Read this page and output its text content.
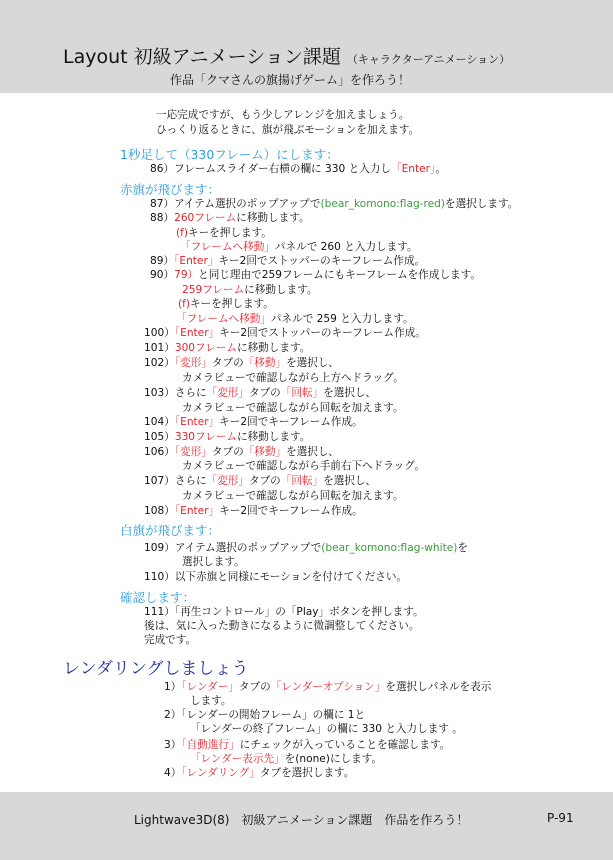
Layout 初級アニメーション課題 （キャラクターアニメーション）
作品「クマさんの旗揚げゲーム」を作ろう！
一応完成ですが、もう少しアレンジを加えましょう。
ひっくり返るときに、旗が飛ぶモーションを加えます。
1秒足して（330フレーム）にします：
86）フレームスライダー右横の欄に 330 と入力し「Enter」。
赤旗が飛びます：
87）アイテム選択のポップアップで(bear_komono:flag-red)を選択します。
88）260フレームに移動します。
(f)キーを押します。
「フレームへ移動」パネルで 260 と入力します。
89）「Enter」キー2回でストッパーのキーフレーム作成。
90）79）と同じ理由で259フレームにもキーフレームを作成します。
259フレームに移動します。
(f)キーを押します。
「フレームへ移動」パネルで 259 と入力します。
100）「Enter」キー2回でストッパーのキーフレーム作成。
101）300フレームに移動します。
102）「変形」タブの「移動」を選択し、
カメラビューで確認しながら上方へドラッグ。
103）さらに「変形」タブの「回転」を選択し、
カメラビューで確認しながら回転を加えます。
104）「Enter」キー2回でキーフレーム作成。
105）330フレームに移動します。
106）「変形」タブの「移動」を選択し、
カメラビューで確認しながら手前右下へドラッグ。
107）さらに「変形」タブの「回転」を選択し、
カメラビューで確認しながら回転を加えます。
108）「Enter」キー2回でキーフレーム作成。
白旗が飛びます：
109）アイテム選択のポップアップで(bear_komono:flag-white)を
選択します。
110）以下赤旗と同様にモーションを付けてください。
確認します：
111）「再生コントロール」の「Play」ボタンを押します。
後は、気に入った動きになるように微調整してください。
完成です。
レンダリングしましょう
1）「レンダー」タブの「レンダーオプション」を選択しパネルを表示
します。
2）「レンダーの開始フレーム」の欄に 1と
「レンダーの終了フレーム」の欄に 330 と入力します 。
3）「自動進行」にチェックが入っていることを確認します。
「レンダー表示先」を(none)にします。
4）「レンダリング」タブを選択します。
Lightwave3D(8)　初級アニメーション課題　作品を作ろう！	P-91
